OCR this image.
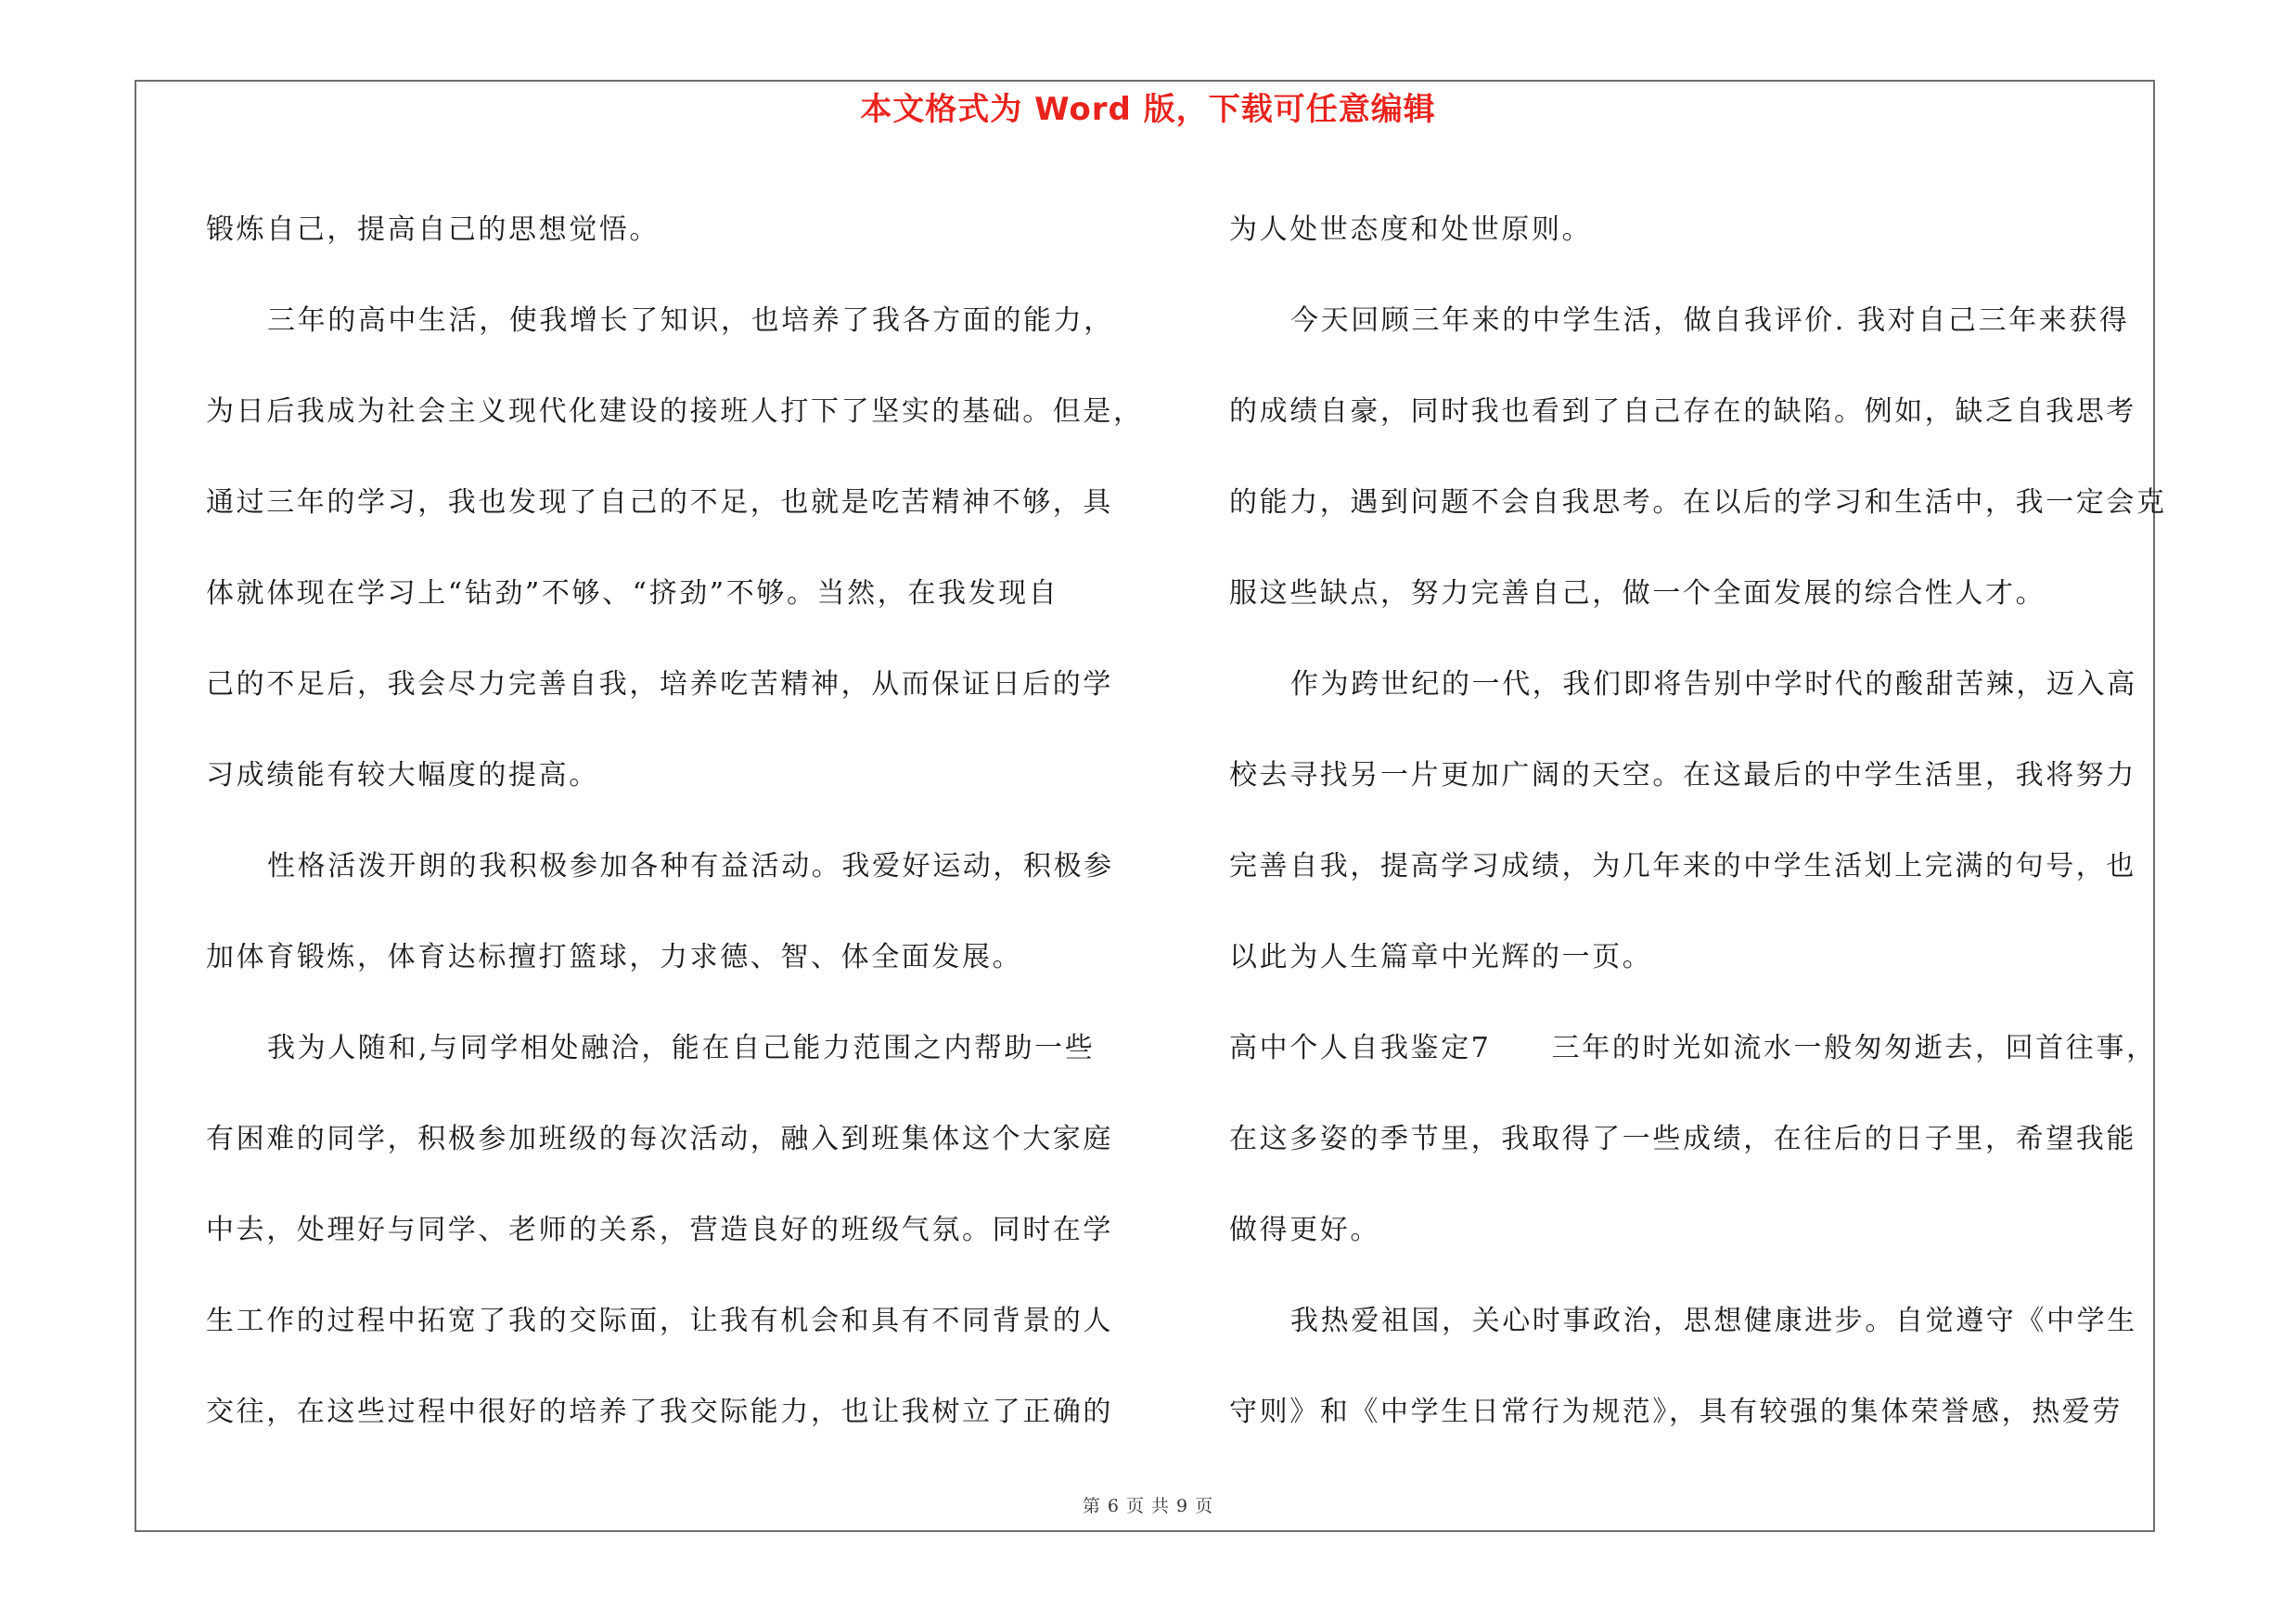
本文格式为 Word 版，下载可任意编辑
锻炼自己，提高自己的思想觉悟。
三年的高中生活，使我增长了知识，也培养了我各方面的能力，
为日后我成为社会主义现代化建设的接班人打下了坚实的基础。但是，
通过三年的学习，我也发现了自己的不足，也就是吃苦精神不够，具
体就体现在学习上“钻劲”不够、“挤劲”不够。当然，在我发现自
己的不足后，我会尽力完善自我，培养吃苦精神，从而保证日后的学
习成绩能有较大幅度的提高。
性格活泼开朗的我积极参加各种有益活动。我爱好运动，积极参
加体育锻炼，体育达标擅打篮球，力求德、智、体全面发展。
我为人随和,与同学相处融洽，能在自己能力范围之内帮助一些
有困难的同学，积极参加班级的每次活动，融入到班集体这个大家庭
中去，处理好与同学、老师的关系，营造良好的班级气氛。同时在学
生工作的过程中拓宽了我的交际面，让我有机会和具有不同背景的人
交往，在这些过程中很好的培养了我交际能力，也让我树立了正确的
为人处世态度和处世原则。
今天回顾三年来的中学生活，做自我评价. 我对自己三年来获得
的成绩自豪，同时我也看到了自己存在的缺陷。例如，缺乏自我思考
的能力，遇到问题不会自我思考。在以后的学习和生活中，我一定会克
服这些缺点，努力完善自己，做一个全面发展的综合性人才。
作为跨世纪的一代，我们即将告别中学时代的酸甜苦辣，迈入高
校去寻找另一片更加广阔的天空。在这最后的中学生活里，我将努力
完善自我，提高学习成绩，为几年来的中学生活划上完满的句号，也
以此为人生篇章中光辉的一页。
高中个人自我鉴定7　　三年的时光如流水一般匆匆逝去，回首往事，
在这多姿的季节里，我取得了一些成绩，在往后的日子里，希望我能
做得更好。
我热爱祖国，关心时事政治，思想健康进步。自觉遵守《中学生
守则》和《中学生日常行为规范》，具有较强的集体荣誉感，热爱劳
第 6 页 共 9 页
